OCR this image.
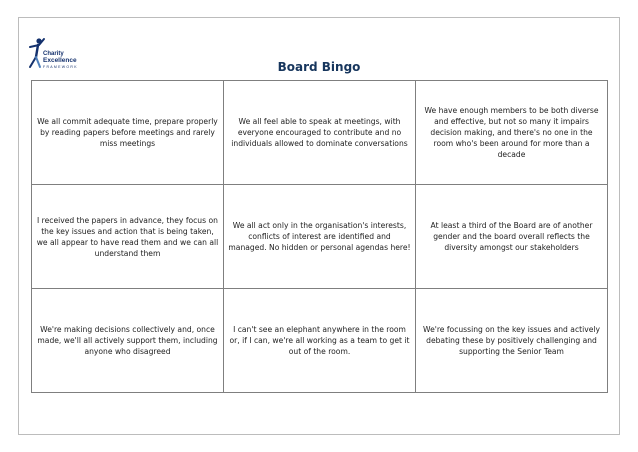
Charity
Excellence
FRAMEWORK	Board Bingo
We all commit adequate time, prepare properly by reading papers before meetings and rarely miss meetings	We all feel able to speak at meetings, with everyone encouraged to contribute and no individuals allowed to dominate conversations	We have enough members to be both diverse and effective, but not so many it impairs decision making, and there's no one in the room who's been around for more than a decade
I received the papers in advance, they focus on the key issues and action that is being taken, we all appear to have read them and we can all understand them	We all act only in the organisation's interests, conflicts of interest are identified and managed. No hidden or personal agendas here!	At least a third of the Board are of another gender and the board overall reflects the diversity amongst our stakeholders
We're making decisions collectively and, once made, we'll all actively support them, including anyone who disagreed	I can't see an elephant anywhere in the room or, if I can, we're all working as a team to get it out of the room.	We're focussing on the key issues and actively debating these by positively challenging and supporting the Senior Team
